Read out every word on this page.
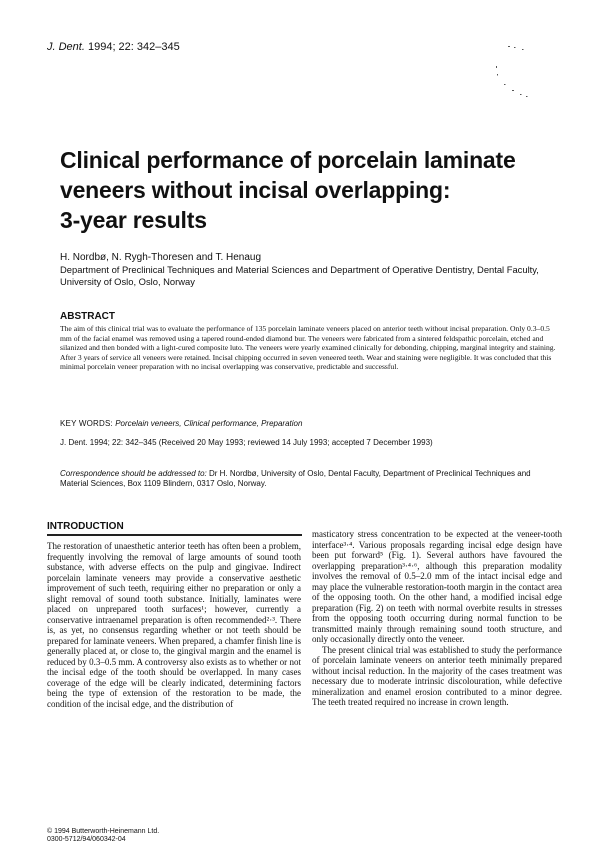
J. Dent. 1994; 22: 342–345
Clinical performance of porcelain laminate
veneers without incisal overlapping:
3-year results
H. Nordbø, N. Rygh-Thoresen and T. Henaug
Department of Preclinical Techniques and Material Sciences and Department of Operative Dentistry, Dental Faculty, University of Oslo, Oslo, Norway
ABSTRACT
The aim of this clinical trial was to evaluate the performance of 135 porcelain laminate veneers placed on anterior teeth without incisal preparation. Only 0.3–0.5 mm of the facial enamel was removed using a tapered round-ended diamond bur. The veneers were fabricated from a sintered feldspathic porcelain, etched and silanized and then bonded with a light-cured composite luto. The veneers were yearly examined clinically for debonding, chipping, marginal integrity and staining. After 3 years of service all veneers were retained. Incisal chipping occurred in seven veneered teeth. Wear and staining were negligible. It was concluded that this minimal porcelain veneer preparation with no incisal overlapping was conservative, predictable and successful.
KEY WORDS: Porcelain veneers, Clinical performance, Preparation
J. Dent. 1994; 22: 342–345 (Received 20 May 1993; reviewed 14 July 1993; accepted 7 December 1993)
Correspondence should be addressed to: Dr H. Nordbø, University of Oslo, Dental Faculty, Department of Preclinical Techniques and Material Sciences, Box 1109 Blindern, 0317 Oslo, Norway.
INTRODUCTION

The restoration of unaesthetic anterior teeth has often been a problem, frequently involving the removal of large amounts of sound tooth substance, with adverse effects on the pulp and gingivae. Indirect porcelain laminate veneers may provide a conservative aesthetic improvement of such teeth, requiring either no preparation or only a slight removal of sound tooth substance. Initially, laminates were placed on unprepared tooth surfaces¹; however, currently a conservative intraenamel preparation is often recommended²·³. There is, as yet, no consensus regarding whether or not teeth should be prepared for laminate veneers. When prepared, a chamfer finish line is generally placed at, or close to, the gingival margin and the enamel is reduced by 0.3–0.5 mm. A controversy also exists as to whether or not the incisal edge of the tooth should be overlapped. In many cases coverage of the edge will be clearly indicated, determining factors being the type of extension of the restoration to be made, the condition of the incisal edge, and the distribution of

masticatory stress concentration to be expected at the veneer-tooth interface³·⁴. Various proposals regarding incisal edge design have been put forward⁵ (Fig. 1). Several authors have favoured the overlapping preparation³·⁴·⁶, although this preparation modality involves the removal of 0.5–2.0 mm of the intact incisal edge and may place the vulnerable restoration-tooth margin in the contact area of the opposing tooth. On the other hand, a modified incisal edge preparation (Fig. 2) on teeth with normal overbite results in stresses from the opposing tooth occurring during normal function to be transmitted mainly through remaining sound tooth structure, and only occasionally directly onto the veneer.

The present clinical trial was established to study the performance of porcelain laminate veneers on anterior teeth minimally prepared without incisal reduction. In the majority of the cases treatment was necessary due to moderate intrinsic discolouration, while defective mineralization and enamel erosion contributed to a minor degree. The teeth treated required no increase in crown length.

© 1994 Butterworth-Heinemann Ltd.
0300-5712/94/060342-04
